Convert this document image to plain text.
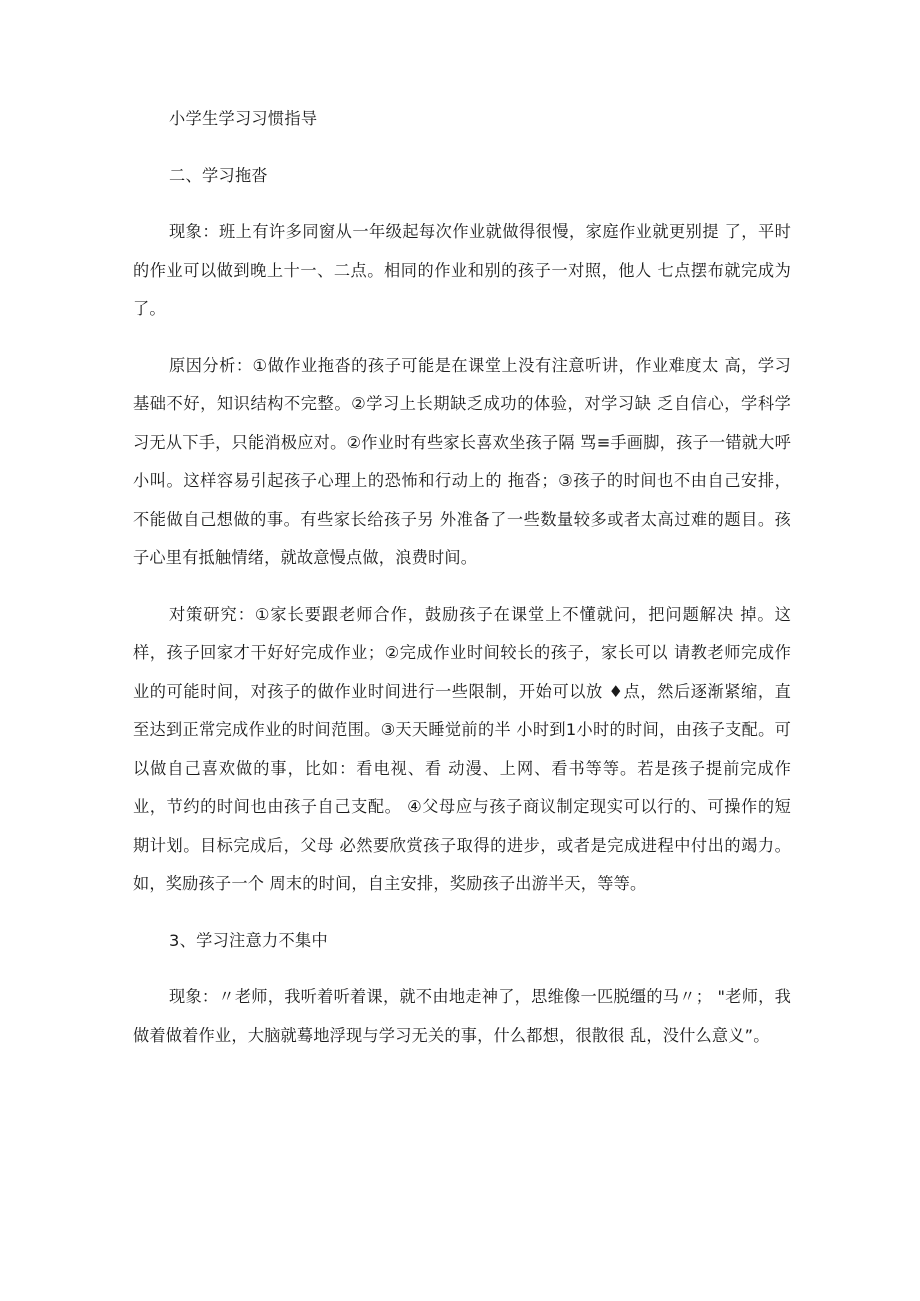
小学生学习习惯指导

二、学习拖沓

现象：班上有许多同窗从一年级起每次作业就做得很慢，家庭作业就更别提 了，平时的作业可以做到晚上十一、二点。相同的作业和别的孩子一对照，他人 七点摆布就完成为了。

原因分析：①做作业拖沓的孩子可能是在课堂上没有注意听讲，作业难度太 高，学习基础不好，知识结构不完整。②学习上长期缺乏成功的体验，对学习缺 乏自信心，学科学习无从下手，只能消极应对。②作业时有些家长喜欢坐孩子隔 骂≡手画脚，孩子一错就大呼小叫。这样容易引起孩子心理上的恐怖和行动上的 拖沓；③孩子的时间也不由自己安排，不能做自己想做的事。有些家长给孩子另 外准备了一些数量较多或者太高过难的题目。孩子心里有抵触情绪，就故意慢点做，浪费时间。

对策研究：①家长要跟老师合作，鼓励孩子在课堂上不懂就问，把问题解决 掉。这样，孩子回家才干好好完成作业；②完成作业时间较长的孩子，家长可以 请教老师完成作业的可能时间，对孩子的做作业时间进行一些限制，开始可以放 ♦点，然后逐渐紧缩，直至达到正常完成作业的时间范围。③天天睡觉前的半 小时到1小时的时间，由孩子支配。可以做自己喜欢做的事，比如：看电视、看 动漫、上网、看书等等。若是孩子提前完成作业，节约的时间也由孩子自己支配。 ④父母应与孩子商议制定现实可以行的、可操作的短期计划。目标完成后，父母 必然要欣赏孩子取得的进步，或者是完成进程中付出的竭力。如，奖励孩子一个 周末的时间，自主安排，奖励孩子出游半天，等等。

3、学习注意力不集中

现象：〃老师，我听着听着课，就不由地走神了，思维像一匹脱缰的马〃； "老师，我做着做着作业，大脑就蓦地浮现与学习无关的事，什么都想，很散很 乱，没什么意义”。
